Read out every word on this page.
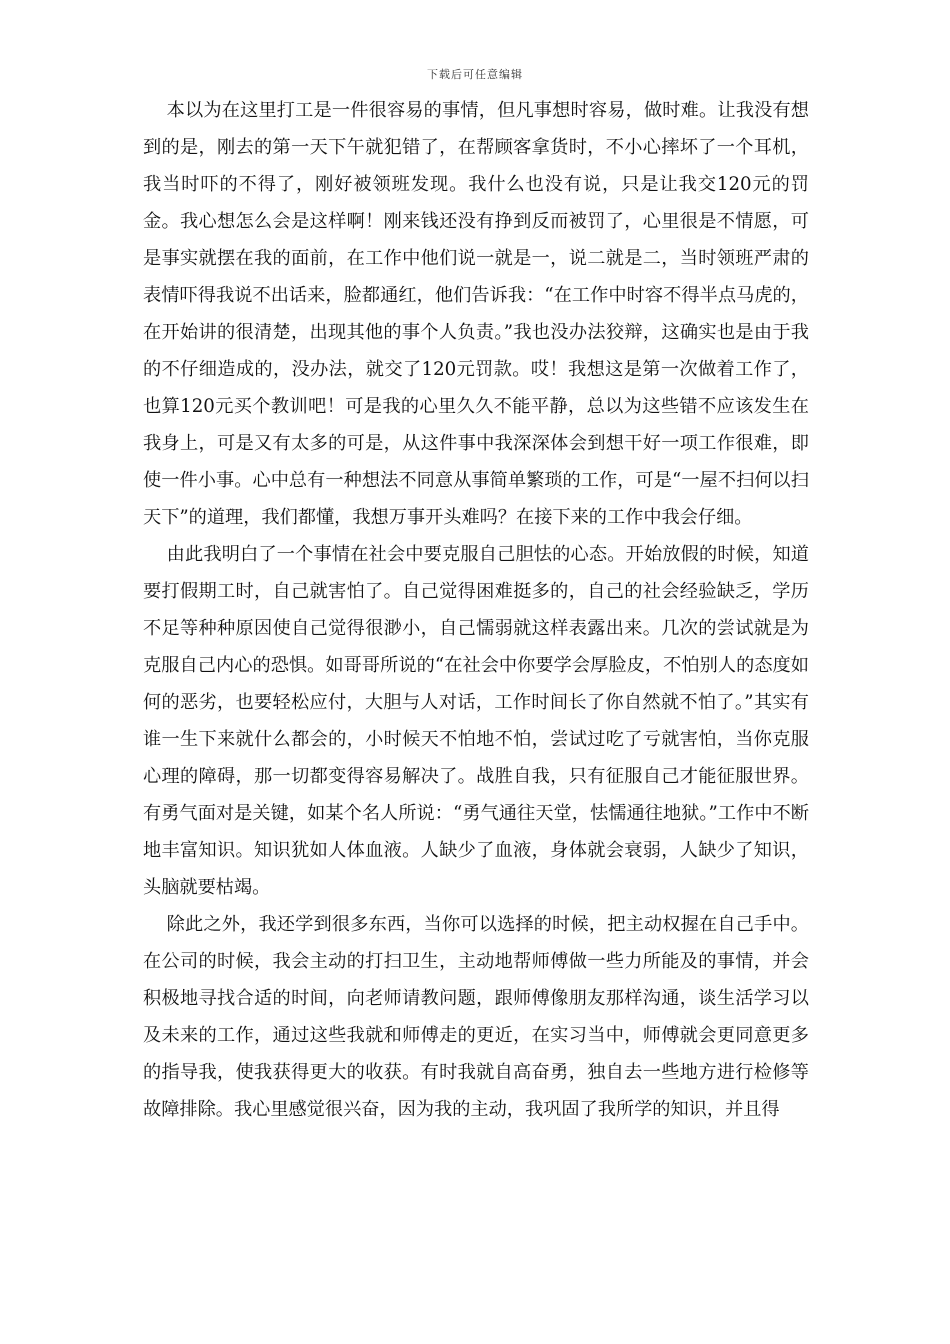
下载后可任意编辑

本以为在这里打工是一件很容易的事情，但凡事想时容易，做时难。让我没有想到的是，刚去的第一天下午就犯错了，在帮顾客拿货时，不小心摔坏了一个耳机，我当时吓的不得了，刚好被领班发现。我什么也没有说，只是让我交120元的罚金。我心想怎么会是这样啊！刚来钱还没有挣到反而被罚了，心里很是不情愿，可是事实就摆在我的面前，在工作中他们说一就是一，说二就是二，当时领班严肃的表情吓得我说不出话来，脸都通红，他们告诉我：“在工作中时容不得半点马虎的，在开始讲的很清楚，出现其他的事个人负责。”我也没办法狡辩，这确实也是由于我的不仔细造成的，没办法，就交了120元罚款。哎！我想这是第一次做着工作了，也算120元买个教训吧！可是我的心里久久不能平静，总以为这些错不应该发生在我身上，可是又有太多的可是，从这件事中我深深体会到想干好一项工作很难，即使一件小事。心中总有一种想法不同意从事简单繁琐的工作，可是“一屋不扫何以扫天下”的道理，我们都懂，我想万事开头难吗？在接下来的工作中我会仔细。

由此我明白了一个事情在社会中要克服自己胆怯的心态。开始放假的时候，知道要打假期工时，自己就害怕了。自己觉得困难挺多的，自己的社会经验缺乏，学历不足等种种原因使自己觉得很渺小，自己懦弱就这样表露出来。几次的尝试就是为克服自己内心的恐惧。如哥哥所说的“在社会中你要学会厚脸皮，不怕别人的态度如何的恶劣，也要轻松应付，大胆与人对话，工作时间长了你自然就不怕了。”其实有谁一生下来就什么都会的，小时候天不怕地不怕，尝试过吃了亏就害怕，当你克服心理的障碍，那一切都变得容易解决了。战胜自我，只有征服自己才能征服世界。有勇气面对是关键，如某个名人所说：“勇气通往天堂，怯懦通往地狱。”工作中不断地丰富知识。知识犹如人体血液。人缺少了血液，身体就会衰弱，人缺少了知识，头脑就要枯竭。

除此之外，我还学到很多东西，当你可以选择的时候，把主动权握在自己手中。在公司的时候，我会主动的打扫卫生，主动地帮师傅做一些力所能及的事情，并会积极地寻找合适的时间，向老师请教问题，跟师傅像朋友那样沟通，谈生活学习以及未来的工作，通过这些我就和师傅走的更近，在实习当中，师傅就会更同意更多的指导我，使我获得更大的收获。有时我就自高奋勇，独自去一些地方进行检修等故障排除。我心里感觉很兴奋，因为我的主动，我巩固了我所学的知识，并且得
